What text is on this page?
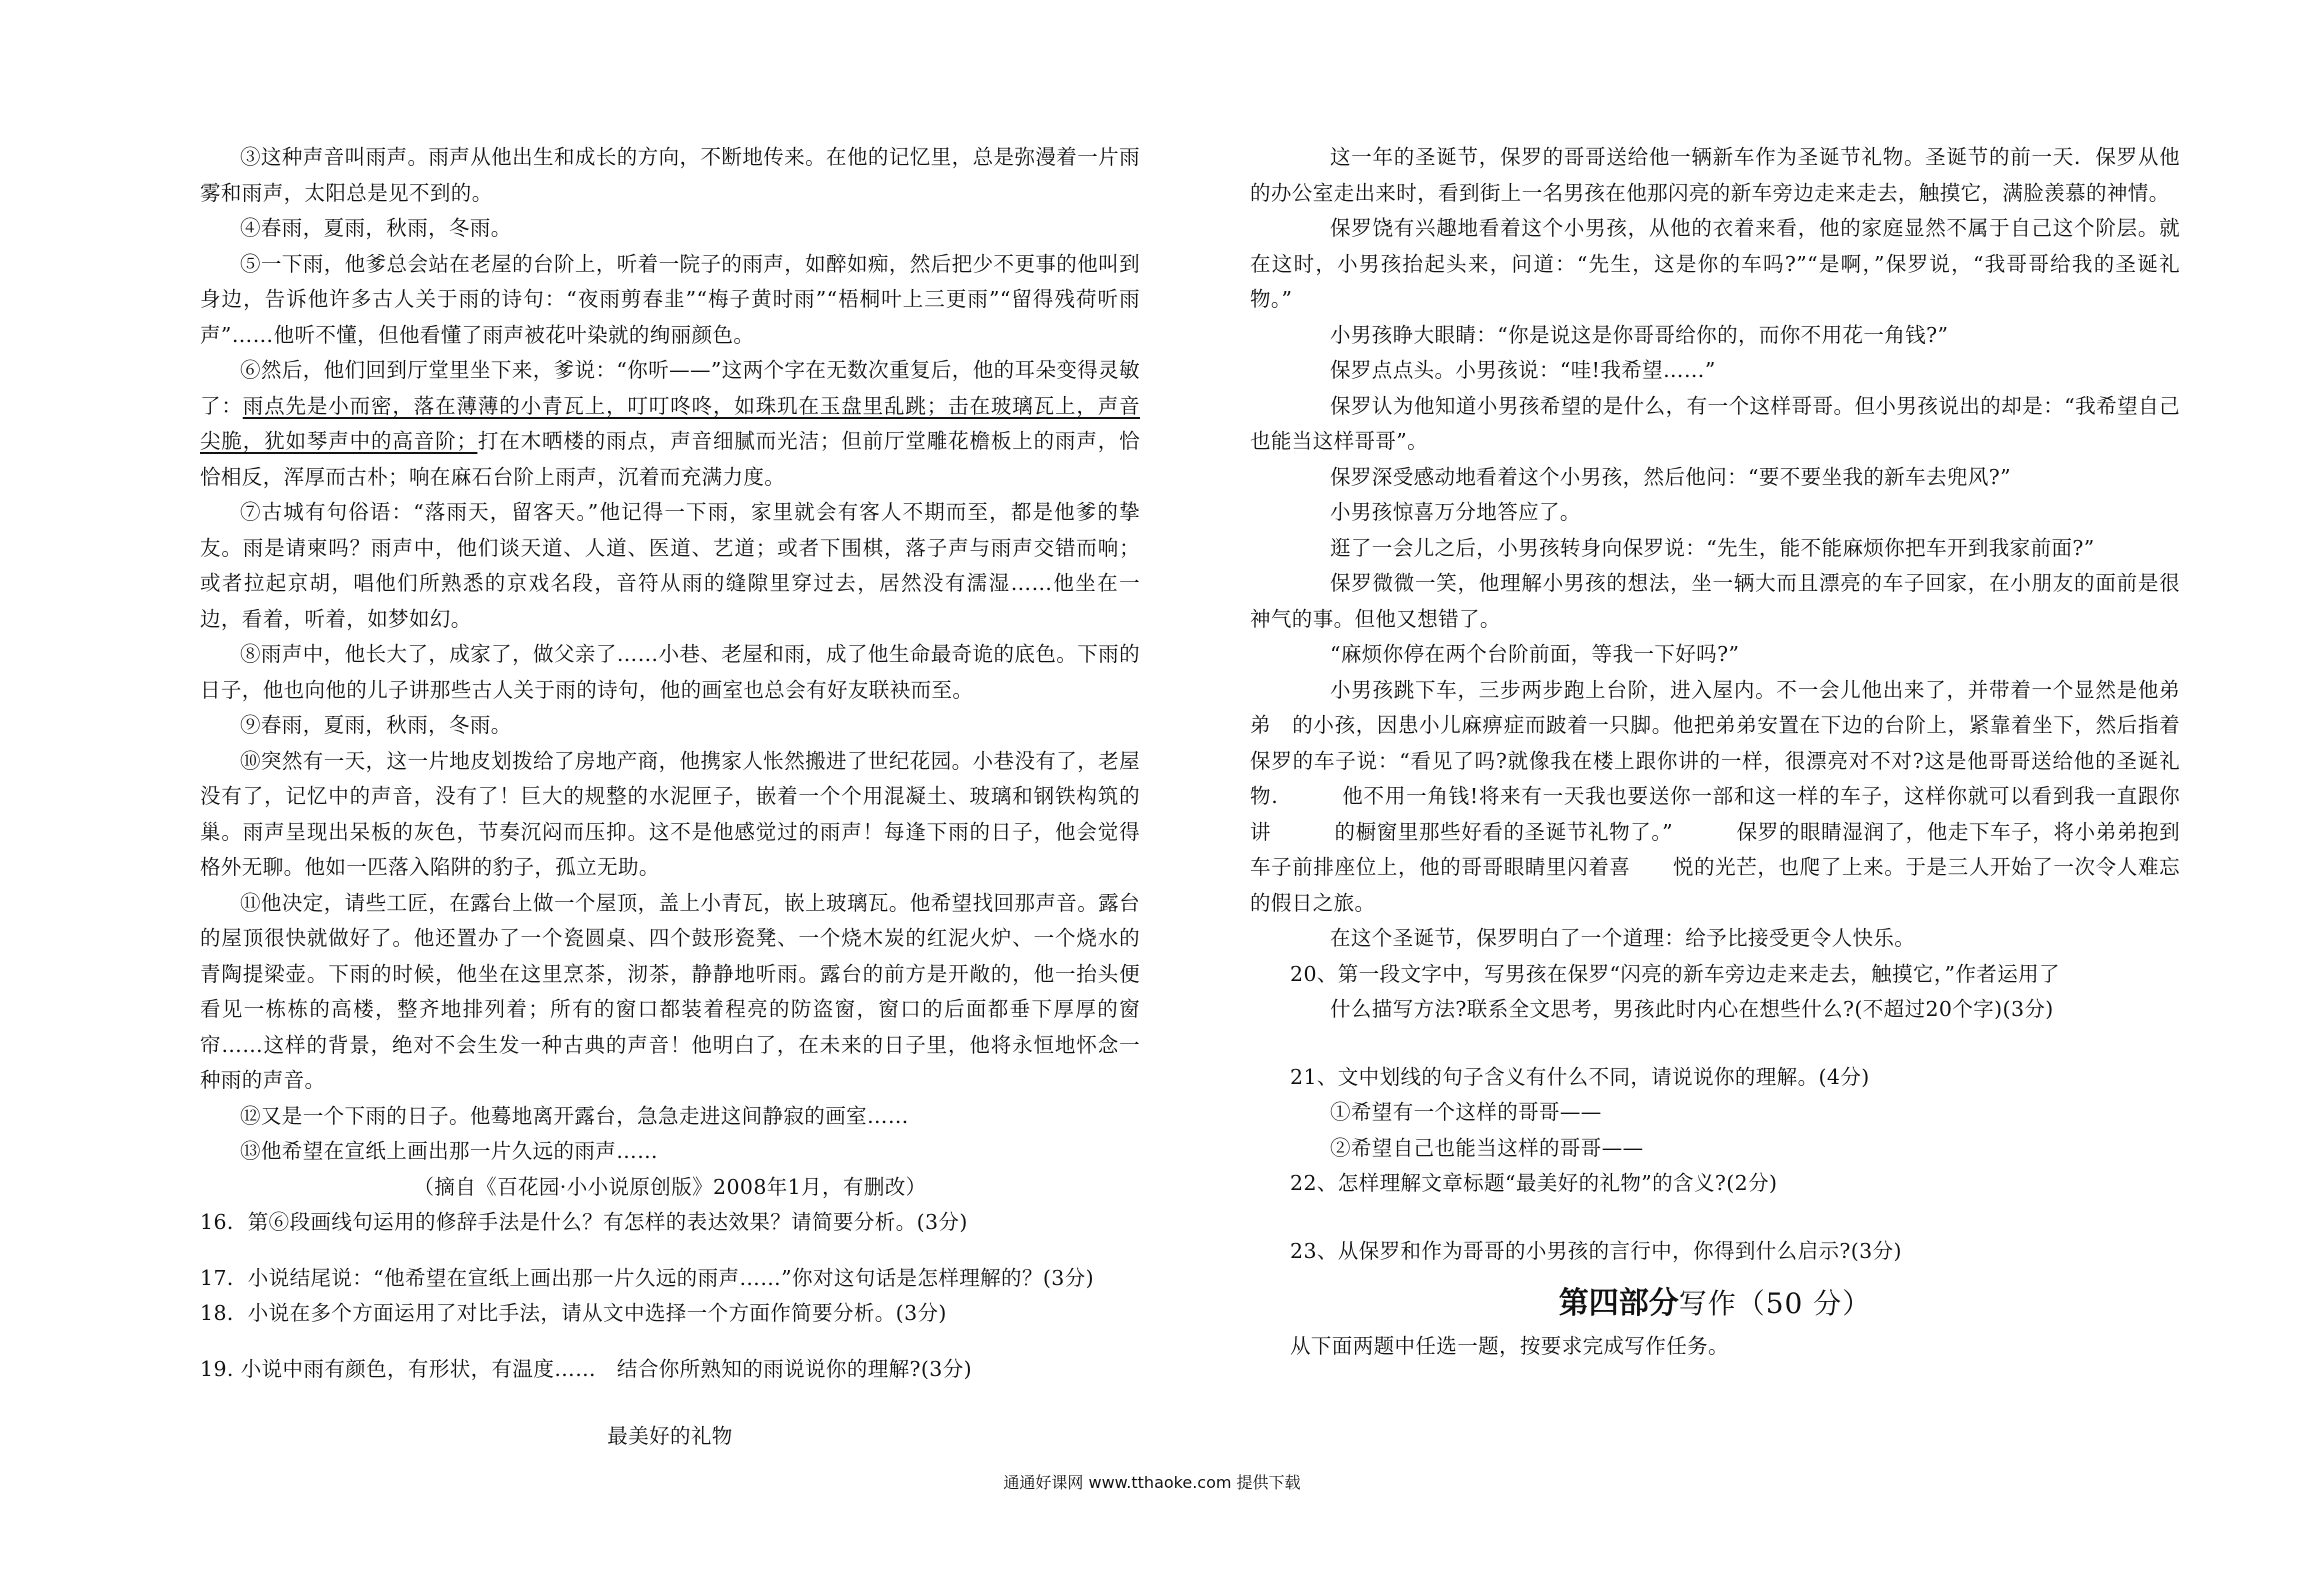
③这种声音叫雨声。雨声从他出生和成长的方向，不断地传来。在他的记忆里，总是弥漫着一片雨雾和雨声，太阳总是见不到的。

④春雨，夏雨，秋雨，冬雨。

⑤一下雨，他爹总会站在老屋的台阶上，听着一院子的雨声，如醉如痴，然后把少不更事的他叫到身边，告诉他许多古人关于雨的诗句：“夜雨剪春韭”“梅子黄时雨”“梧桐叶上三更雨”“留得残荷听雨声”……他听不懂，但他看懂了雨声被花叶染就的绚丽颜色。

⑥然后，他们回到厅堂里坐下来，爹说：“你听——”这两个字在无数次重复后，他的耳朵变得灵敏了：雨点先是小而密，落在薄薄的小青瓦上，叮叮咚咚，如珠玑在玉盘里乱跳；击在玻璃瓦上，声音尖脆，犹如琴声中的高音阶；打在木晒楼的雨点，声音细腻而光洁；但前厅堂雕花檐板上的雨声，恰恰相反，浑厚而古朴；响在麻石台阶上雨声，沉着而充满力度。

⑦古城有句俗语：“落雨天，留客天。”他记得一下雨，家里就会有客人不期而至，都是他爹的挚友。雨是请柬吗？雨声中，他们谈天道、人道、医道、艺道；或者下围棋，落子声与雨声交错而响；或者拉起京胡，唱他们所熟悉的京戏名段，音符从雨的缝隙里穿过去，居然没有濡湿……他坐在一边，看着，听着，如梦如幻。

⑧雨声中，他长大了，成家了，做父亲了……小巷、老屋和雨，成了他生命最奇诡的底色。下雨的日子，他也向他的儿子讲那些古人关于雨的诗句，他的画室也总会有好友联袂而至。

⑨春雨，夏雨，秋雨，冬雨。

⑩突然有一天，这一片地皮划拨给了房地产商，他携家人怅然搬进了世纪花园。小巷没有了，老屋没有了，记忆中的声音，没有了！巨大的规整的水泥匣子，嵌着一个个用混凝土、玻璃和钢铁构筑的巢。雨声呈现出呆板的灰色，节奏沉闷而压抑。这不是他感觉过的雨声！每逢下雨的日子，他会觉得格外无聊。他如一匹落入陷阱的豹子，孤立无助。

⑪他决定，请些工匠，在露台上做一个屋顶，盖上小青瓦，嵌上玻璃瓦。他希望找回那声音。露台的屋顶很快就做好了。他还置办了一个瓷圆桌、四个鼓形瓷凳、一个烧木炭的红泥火炉、一个烧水的青陶提梁壶。下雨的时候，他坐在这里烹茶，沏茶，静静地听雨。露台的前方是开敞的，他一抬头便看见一栋栋的高楼，整齐地排列着；所有的窗口都装着程亮的防盗窗，窗口的后面都垂下厚厚的窗帘……这样的背景，绝对不会生发一种古典的声音！他明白了，在未来的日子里，他将永恒地怀念一种雨的声音。

⑫又是一个下雨的日子。他蓦地离开露台，急急走进这间静寂的画室……

⑬他希望在宣纸上画出那一片久远的雨声……

（摘自《百花园·小小说原创版》2008年1月，有删改）

16．第⑥段画线句运用的修辞手法是什么？有怎样的表达效果？请简要分析。(3分)

17．小说结尾说：“他希望在宣纸上画出那一片久远的雨声……”你对这句话是怎样理解的？(3分)

18．小说在多个方面运用了对比手法，请从文中选择一个方面作简要分析。(3分)

19. 小说中雨有颜色，有形状，有温度……　结合你所熟知的雨说说你的理解?(3分)

最美好的礼物

这一年的圣诞节，保罗的哥哥送给他一辆新车作为圣诞节礼物。圣诞节的前一天．保罗从他的办公室走出来时，看到街上一名男孩在他那闪亮的新车旁边走来走去，触摸它，满脸羡慕的神情。

保罗饶有兴趣地看着这个小男孩，从他的衣着来看，他的家庭显然不属于自己这个阶层。就在这时，小男孩抬起头来，问道：“先生，这是你的车吗?”“是啊，”保罗说，“我哥哥给我的圣诞礼物。”

小男孩睁大眼睛：“你是说这是你哥哥给你的，而你不用花一角钱?”

保罗点点头。小男孩说：“哇!我希望……”

保罗认为他知道小男孩希望的是什么，有一个这样哥哥。但小男孩说出的却是：“我希望自己也能当这样哥哥”。

保罗深受感动地看着这个小男孩，然后他问：“要不要坐我的新车去兜风?”

小男孩惊喜万分地答应了。

逛了一会儿之后，小男孩转身向保罗说：“先生，能不能麻烦你把车开到我家前面?”

保罗微微一笑，他理解小男孩的想法，坐一辆大而且漂亮的车子回家，在小朋友的面前是很　神气的事。但他又想错了。

“麻烦你停在两个台阶前面，等我一下好吗?”

小男孩跳下车，三步两步跑上台阶，进入屋内。不一会儿他出来了，并带着一个显然是他弟弟　的小孩，因患小儿麻痹症而跛着一只脚。他把弟弟安置在下边的台阶上，紧靠着坐下，然后指着　保罗的车子说：“看见了吗?就像我在楼上跟你讲的一样，很漂亮对不对?这是他哥哥送给他的圣诞礼物.　　　他不用一角钱!将来有一天我也要送你一部和这一样的车子，这样你就可以看到我一直跟你讲　　　的橱窗里那些好看的圣诞节礼物了。”　　　保罗的眼睛湿润了，他走下车子，将小弟弟抱到车子前排座位上，他的哥哥眼睛里闪着喜　　悦的光芒，也爬了上来。于是三人开始了一次令人难忘的假日之旅。

在这个圣诞节，保罗明白了一个道理：给予比接受更令人快乐。

20、第一段文字中，写男孩在保罗“闪亮的新车旁边走来走去，触摸它，”作者运用了

什么描写方法?联系全文思考，男孩此时内心在想些什么?(不超过20个字)(3分)

21、文中划线的句子含义有什么不同，请说说你的理解。(4分)

①希望有一个这样的哥哥——

②希望自己也能当这样的哥哥——

22、怎样理解文章标题“最美好的礼物”的含义?(2分)

23、从保罗和作为哥哥的小男孩的言行中，你得到什么启示?(3分)

第四部分写作（50 分）

从下面两题中任选一题，按要求完成写作任务。

通通好课网 www.tthaoke.com 提供下载
